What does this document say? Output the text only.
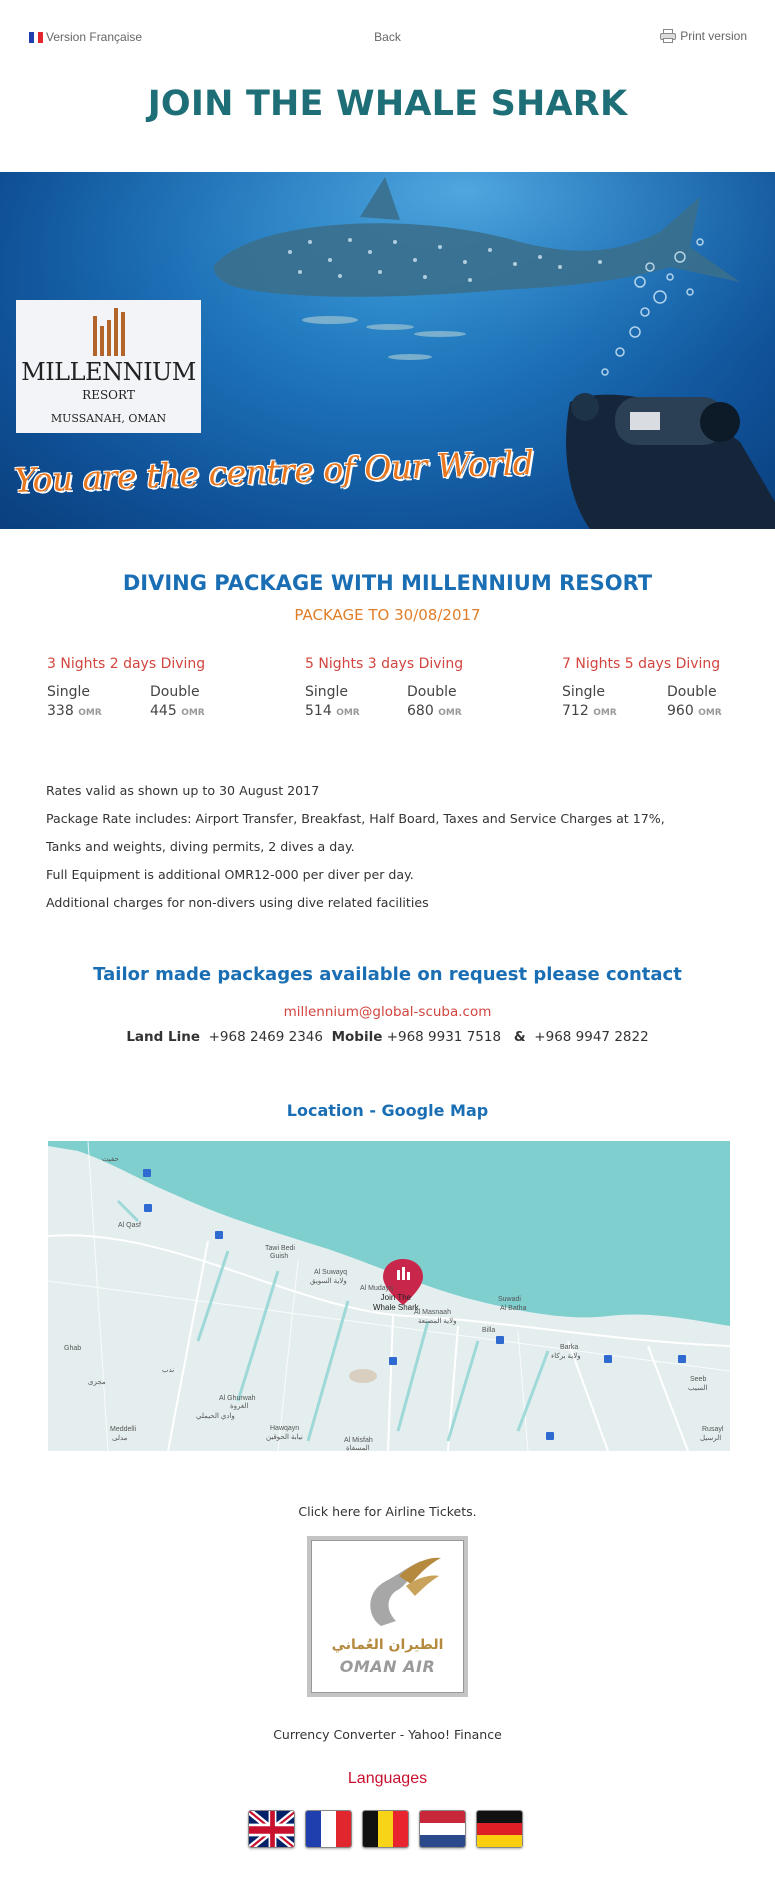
Version Française	Back	Print version
JOIN THE WHALE SHARK
MILLENNIUM
RESORT
MUSSANAH, OMAN
You are the centre of Our World
DIVING PACKAGE WITH MILLENNIUM RESORT
PACKAGE TO 30/08/2017
3 Nights 2 days Diving
Single
338 OMR
Double
445 OMR
5 Nights 3 days Diving
Single
514 OMR
Double
680 OMR
7 Nights 5 days Diving
Single
712 OMR
Double
960 OMR
Rates valid as shown up to 30 August 2017
Package Rate includes: Airport Transfer, Breakfast, Half Board, Taxes and Service Charges at 17%,
Tanks and weights, diving permits, 2 dives a day.
Full Equipment is additional OMR12-000 per diver per day.
Additional charges for non-divers using dive related facilities
Tailor made packages available on request please contact
millennium@global-scuba.com
Land Line +968 2469 2346 Mobile +968 9931 7518 & +968 9947 2822
Location - Google Map
حفيت
Al Qasf
Tawi Bedi
Guish
Al Suwayq
ولاية السويق
Al Mudayq
Al Masnaah
ولاية المصنعة
Suwadi
Al Batha
Billa
Barka
ولاية بركاء
Seeb
السيب
Ghab
مجزى
Al Ghurwah
الغروة
وادي الحيملي
Meddelli
مدلى
Hawqayn
نيابة الحوقين	Al Misfah
المسفاة
Rusayl
الرسيل
ندب
Join The
Whale Shark
Click here for Airline Tickets.
الطيران العُماني
OMAN AIR
Currency Converter - Yahoo! Finance
Languages
